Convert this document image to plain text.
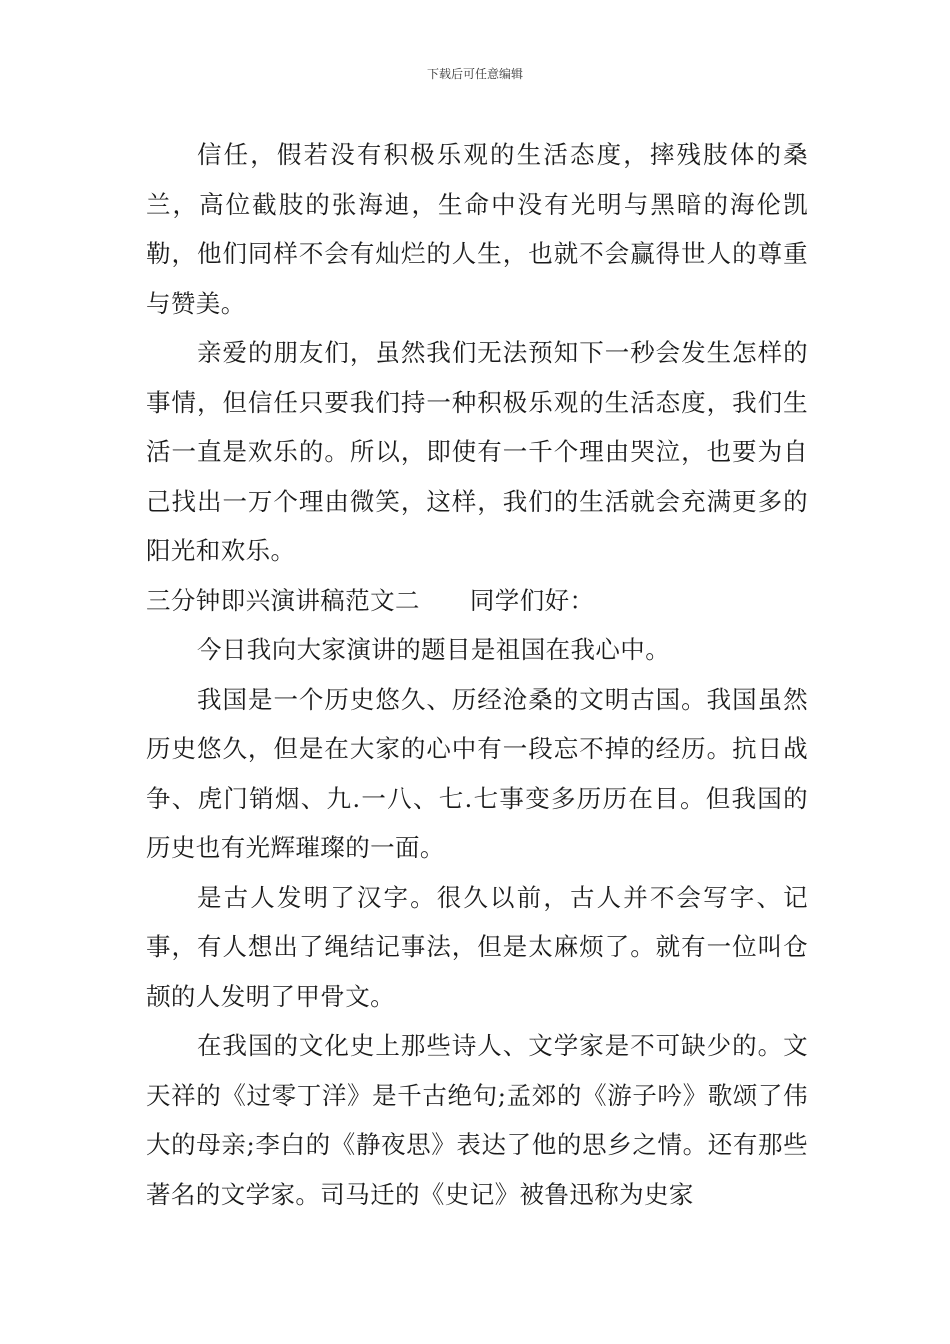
下载后可任意编辑

信任，假若没有积极乐观的生活态度，摔残肢体的桑兰，高位截肢的张海迪，生命中没有光明与黑暗的海伦凯勒，他们同样不会有灿烂的人生，也就不会赢得世人的尊重与赞美。

亲爱的朋友们，虽然我们无法预知下一秒会发生怎样的事情，但信任只要我们持一种积极乐观的生活态度，我们生活一直是欢乐的。所以，即使有一千个理由哭泣，也要为自己找出一万个理由微笑，这样，我们的生活就会充满更多的阳光和欢乐。

三分钟即兴演讲稿范文二 同学们好：

今日我向大家演讲的题目是祖国在我心中。

我国是一个历史悠久、历经沧桑的文明古国。我国虽然历史悠久，但是在大家的心中有一段忘不掉的经历。抗日战争、虎门销烟、九.一八、七.七事变多历历在目。但我国的历史也有光辉璀璨的一面。

是古人发明了汉字。很久以前，古人并不会写字、记事，有人想出了绳结记事法，但是太麻烦了。就有一位叫仓颉的人发明了甲骨文。

在我国的文化史上那些诗人、文学家是不可缺少的。文天祥的《过零丁洋》是千古绝句;孟郊的《游子吟》歌颂了伟大的母亲;李白的《静夜思》表达了他的思乡之情。还有那些著名的文学家。司马迁的《史记》被鲁迅称为史家
